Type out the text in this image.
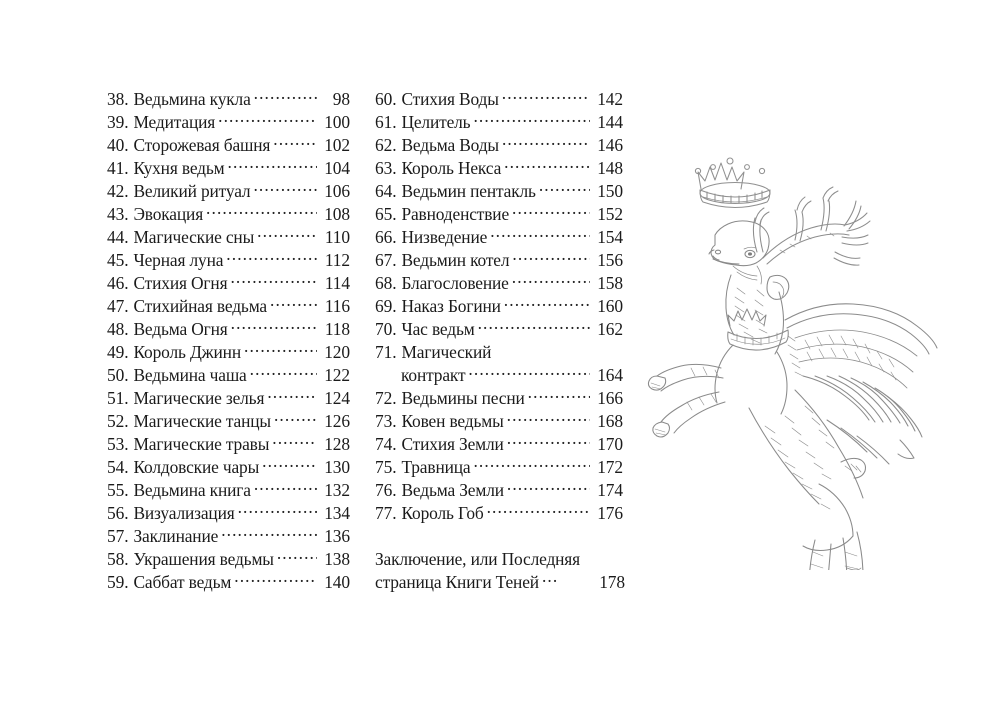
38. Ведьмина кукла .....	98
39. Медитация .....	100
40. Сторожевая башня .....	102
41. Кухня ведьм .....	104
42. Великий ритуал .....	106
43. Эвокация .....	108
44. Магические сны .....	110
45. Черная луна .....	112
46. Стихия Огня .....	114
47. Стихийная ведьма .....	116
48. Ведьма Огня .....	118
49. Король Джинн .....	120
50. Ведьмина чаша .....	122
51. Магические зелья .....	124
52. Магические танцы .....	126
53. Магические травы .....	128
54. Колдовские чары .....	130
55. Ведьмина книга .....	132
56. Визуализация .....	134
57. Заклинание .....	136
58. Украшения ведьмы .....	138
59. Саббат ведьм .....	140
60. Стихия Воды .....	142
61. Целитель .....	144
62. Ведьма Воды .....	146
63. Король Некса .....	148
64. Ведьмин пентакль .....	150
65. Равноденствие .....	152
66. Низведение .....	154
67. Ведьмин котел .....	156
68. Благословение .....	158
69. Наказ Богини .....	160
70. Час ведьм .....	162
71. Магический
контракт .....	164
72. Ведьмины песни .....	166
73. Ковен ведьмы .....	168
74. Стихия Земли .....	170
75. Травница .....	172
76. Ведьма Земли .....	174
77. Король Гоб .....	176
Заключение, или Последняя
страница Книги Теней ...	178
